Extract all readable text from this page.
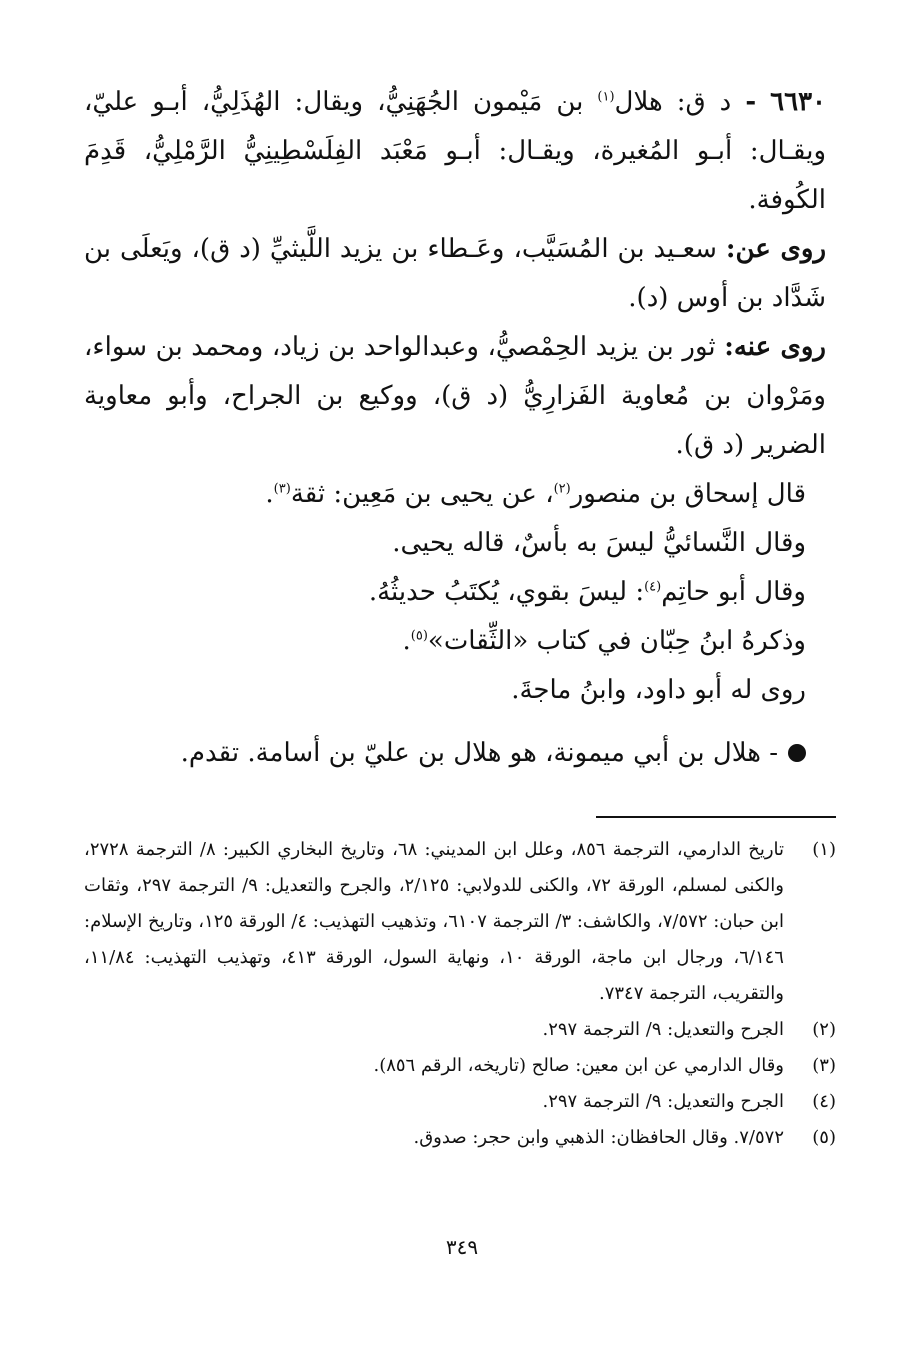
٦٦٣٠ - د ق: هلال$^{(١)}$ بن مَيْمون الجُهَنِيُّ، ويقال: الهُذَلِيُّ، أبـو عليّ، ويقـال: أبـو المُغيرة، ويقـال: أبـو مَعْبَد الفِلَسْطِينِيُّ الرَّمْلِيُّ، قَدِمَ الكُوفة.

روى عن: سعـيد بن المُسَيَّب، وعَـطاء بن يزيد اللَّيثيِّ (د ق)، ويَعلَى بن شَدَّاد بن أوس (د).

روى عنه: ثور بن يزيد الحِمْصيُّ، وعبدالواحد بن زياد، ومحمد بن سواء، ومَرْوان بن مُعاوية الفَزارِيُّ (د ق)، ووكيع بن الجراح، وأبو معاوية الضرير (د ق).

قال إسحاق بن منصور$^{(٢)}$، عن يحيى بن مَعِين: ثقة$^{(٣)}$.

وقال النَّسائيُّ ليسَ به بأسٌ، قاله يحيى.

وقال أبو حاتِم$^{(٤)}$: ليسَ بقوي، يُكتَبُ حديثُهُ.

وذكرهُ ابنُ حِبّان في كتاب «الثِّقات»$^{(٥)}$.

روى له أبو داود، وابنُ ماجةَ.

- هلال بن أبي ميمونة، هو هلال بن عليّ بن أسامة. تقدم.

(١)
تاريخ الدارمي، الترجمة ٨٥٦، وعلل ابن المديني: ٦٨، وتاريخ البخاري الكبير: ٨/ الترجمة ٢٧٢٨، والكنى لمسلم، الورقة ٧٢، والكنى للدولابي: ٢/١٢٥، والجرح والتعديل: ٩/ الترجمة ٢٩٧، وثقات ابن حبان: ٧/٥٧٢، والكاشف: ٣/ الترجمة ٦١٠٧، وتذهيب التهذيب: ٤/ الورقة ١٢٥، وتاريخ الإسلام: ٦/١٤٦، ورجال ابن ماجة، الورقة ١٠، ونهاية السول، الورقة ٤١٣، وتهذيب التهذيب: ١١/٨٤، والتقريب، الترجمة ٧٣٤٧.
(٢)
الجرح والتعديل: ٩/ الترجمة ٢٩٧.
(٣)
وقال الدارمي عن ابن معين: صالح (تاريخه، الرقم ٨٥٦).
(٤)
الجرح والتعديل: ٩/ الترجمة ٢٩٧.
(٥)
٧/٥٧٢. وقال الحافظان: الذهبي وابن حجر: صدوق.
٣٤٩
